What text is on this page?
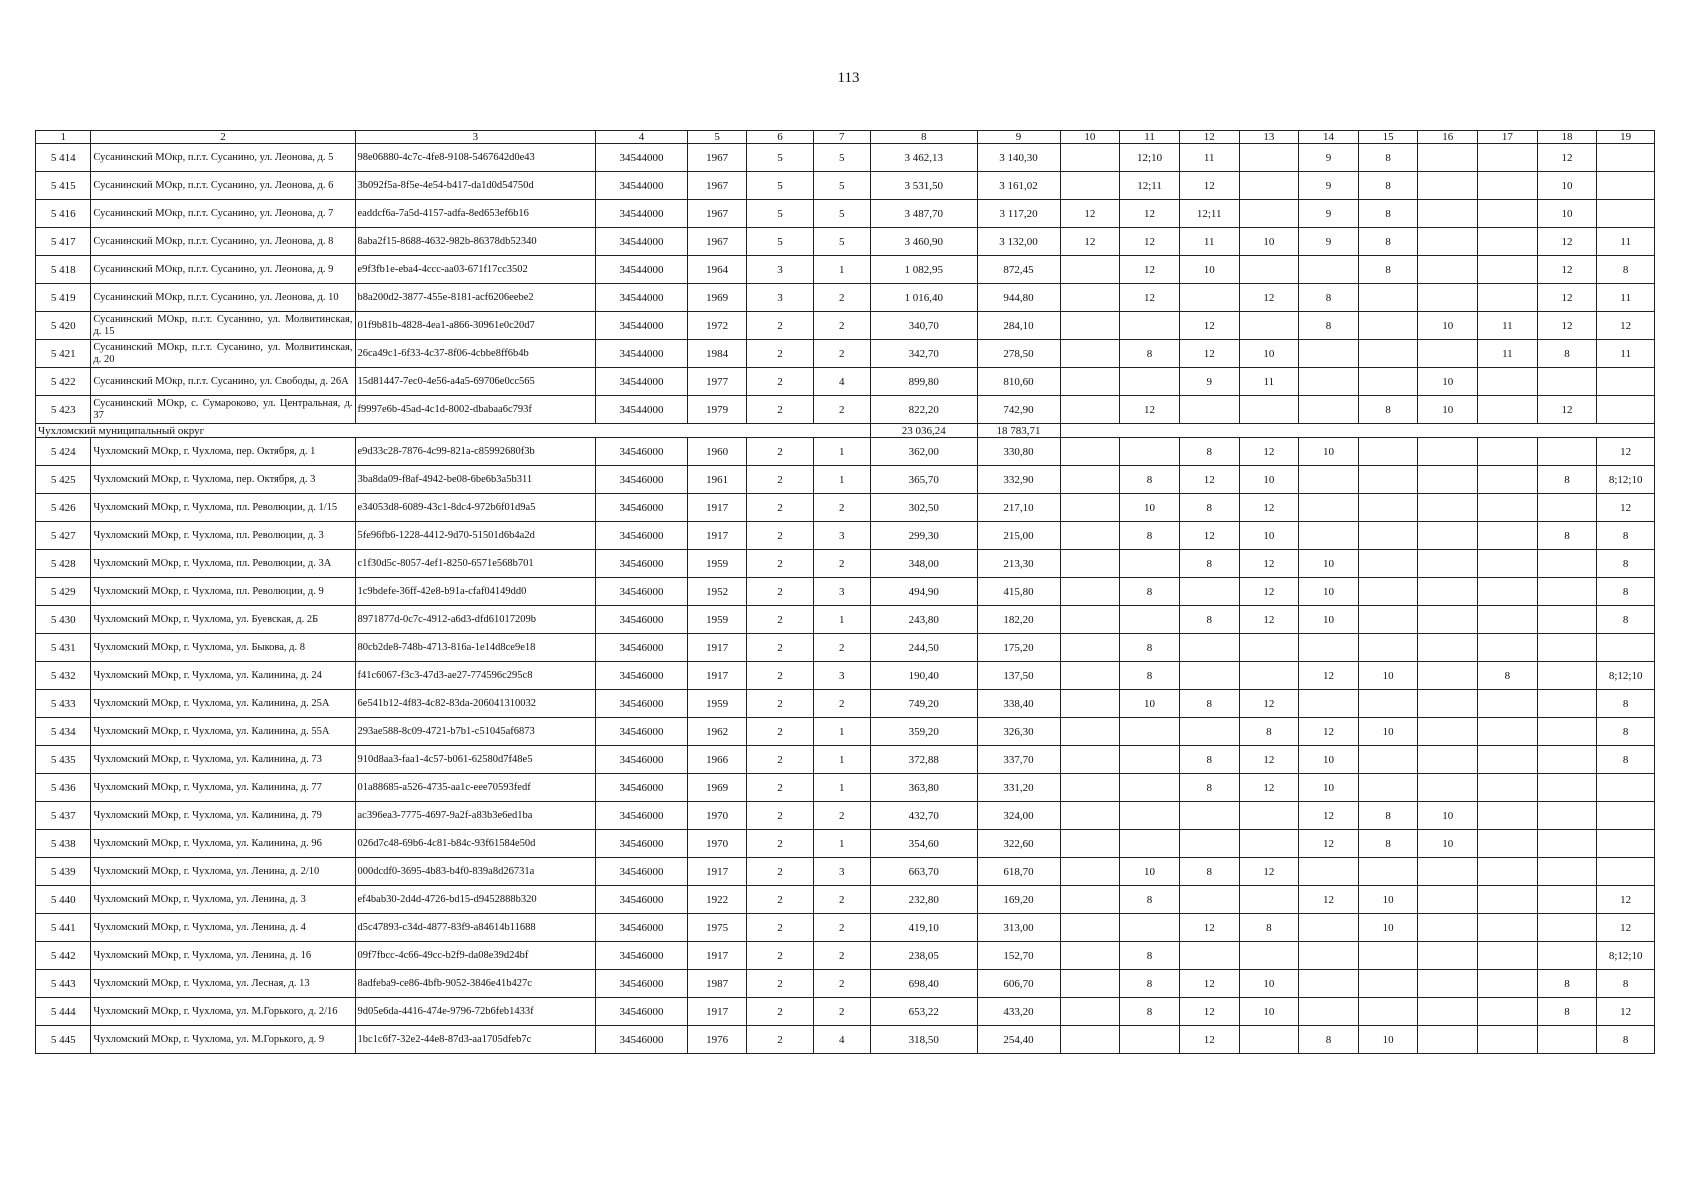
113
1	2	3	4	5	6	7	8	9	10	11	12	13	14	15	16	17	18	19
5 414	Сусанинский МОкр, п.г.т. Сусанино, ул. Леонова, д. 5	98e06880-4c7c-4fe8-9108-5467642d0e43	34544000	1967	5	5	3 462,13	3 140,30		12;10	11		9	8			12	
5 415	Сусанинский МОкр, п.г.т. Сусанино, ул. Леонова, д. 6	3b092f5a-8f5e-4e54-b417-da1d0d54750d	34544000	1967	5	5	3 531,50	3 161,02		12;11	12		9	8			10	
5 416	Сусанинский МОкр, п.г.т. Сусанино, ул. Леонова, д. 7	eaddcf6a-7a5d-4157-adfa-8ed653ef6b16	34544000	1967	5	5	3 487,70	3 117,20	12	12	12;11		9	8			10	
5 417	Сусанинский МОкр, п.г.т. Сусанино, ул. Леонова, д. 8	8aba2f15-8688-4632-982b-86378db52340	34544000	1967	5	5	3 460,90	3 132,00	12	12	11	10	9	8			12	11
5 418	Сусанинский МОкр, п.г.т. Сусанино, ул. Леонова, д. 9	e9f3fb1e-eba4-4ccc-aa03-671f17cc3502	34544000	1964	3	1	1 082,95	872,45		12	10			8			12	8
5 419	Сусанинский МОкр, п.г.т. Сусанино, ул. Леонова, д. 10	b8a200d2-3877-455e-8181-acf6206eebe2	34544000	1969	3	2	1 016,40	944,80		12		12	8				12	11
5 420	Сусанинский МОкр, п.г.т. Сусанино, ул. Молвитинская, д. 15	01f9b81b-4828-4ea1-a866-30961e0c20d7	34544000	1972	2	2	340,70	284,10			12		8		10	11	12	12
5 421	Сусанинский МОкр, п.г.т. Сусанино, ул. Молвитинская, д. 20	26ca49c1-6f33-4c37-8f06-4cbbe8ff6b4b	34544000	1984	2	2	342,70	278,50		8	12	10				11	8	11
5 422	Сусанинский МОкр, п.г.т. Сусанино, ул. Свободы, д. 26А	15d81447-7ec0-4e56-a4a5-69706e0cc565	34544000	1977	2	4	899,80	810,60			9	11			10			
5 423	Сусанинский МОкр, с. Сумароково, ул. Центральная, д. 37	f9997e6b-45ad-4c1d-8002-dbabaa6c793f	34544000	1979	2	2	822,20	742,90		12				8	10		12	
Чухломский муниципальный округ							23 036,24	18 783,71										
5 424	Чухломский МОкр, г. Чухлома, пер. Октября, д. 1	e9d33c28-7876-4c99-821a-c85992680f3b	34546000	1960	2	1	362,00	330,80			8	12	10					12
5 425	Чухломский МОкр, г. Чухлома, пер. Октября, д. 3	3ba8da09-f8af-4942-be08-6be6b3a5b311	34546000	1961	2	1	365,70	332,90		8	12	10					8	8;12;10
5 426	Чухломский МОкр, г. Чухлома, пл. Революции, д. 1/15	e34053d8-6089-43c1-8dc4-972b6f01d9a5	34546000	1917	2	2	302,50	217,10		10	8	12						12
5 427	Чухломский МОкр, г. Чухлома, пл. Революции, д. 3	5fe96fb6-1228-4412-9d70-51501d6b4a2d	34546000	1917	2	3	299,30	215,00		8	12	10					8	8
5 428	Чухломский МОкр, г. Чухлома, пл. Революции, д. 3А	c1f30d5c-8057-4ef1-8250-6571e568b701	34546000	1959	2	2	348,00	213,30			8	12	10					8
5 429	Чухломский МОкр, г. Чухлома, пл. Революции, д. 9	1c9bdefe-36ff-42e8-b91a-cfaf04149dd0	34546000	1952	2	3	494,90	415,80		8		12	10					8
5 430	Чухломский МОкр, г. Чухлома, ул. Буевская, д. 2Б	8971877d-0c7c-4912-a6d3-dfd61017209b	34546000	1959	2	1	243,80	182,20			8	12	10					8
5 431	Чухломский МОкр, г. Чухлома, ул. Быкова, д. 8	80cb2de8-748b-4713-816a-1e14d8ce9e18	34546000	1917	2	2	244,50	175,20		8								
5 432	Чухломский МОкр, г. Чухлома, ул. Калинина, д. 24	f41c6067-f3c3-47d3-ae27-774596c295c8	34546000	1917	2	3	190,40	137,50		8			12	10		8		8;12;10
5 433	Чухломский МОкр, г. Чухлома, ул. Калинина, д. 25А	6e541b12-4f83-4c82-83da-206041310032	34546000	1959	2	2	749,20	338,40		10	8	12						8
5 434	Чухломский МОкр, г. Чухлома, ул. Калинина, д. 55А	293ae588-8c09-4721-b7b1-c51045af6873	34546000	1962	2	1	359,20	326,30				8	12	10				8
5 435	Чухломский МОкр, г. Чухлома, ул. Калинина, д. 73	910d8aa3-faa1-4c57-b061-62580d7f48e5	34546000	1966	2	1	372,88	337,70			8	12	10					8
5 436	Чухломский МОкр, г. Чухлома, ул. Калинина, д. 77	01a88685-a526-4735-aa1c-eee70593fedf	34546000	1969	2	1	363,80	331,20			8	12	10					
5 437	Чухломский МОкр, г. Чухлома, ул. Калинина, д. 79	ac396ea3-7775-4697-9a2f-a83b3e6ed1ba	34546000	1970	2	2	432,70	324,00					12	8	10			
5 438	Чухломский МОкр, г. Чухлома, ул. Калинина, д. 96	026d7c48-69b6-4c81-b84c-93f61584e50d	34546000	1970	2	1	354,60	322,60					12	8	10			
5 439	Чухломский МОкр, г. Чухлома, ул. Ленина, д. 2/10	000dcdf0-3695-4b83-b4f0-839a8d26731a	34546000	1917	2	3	663,70	618,70		10	8	12						
5 440	Чухломский МОкр, г. Чухлома, ул. Ленина, д. 3	ef4bab30-2d4d-4726-bd15-d9452888b320	34546000	1922	2	2	232,80	169,20		8			12	10				12
5 441	Чухломский МОкр, г. Чухлома, ул. Ленина, д. 4	d5c47893-c34d-4877-83f9-a84614b11688	34546000	1975	2	2	419,10	313,00			12	8		10				12
5 442	Чухломский МОкр, г. Чухлома, ул. Ленина, д. 16	09f7fbcc-4c66-49cc-b2f9-da08e39d24bf	34546000	1917	2	2	238,05	152,70		8								8;12;10
5 443	Чухломский МОкр, г. Чухлома, ул. Лесная, д. 13	8adfeba9-ce86-4bfb-9052-3846e41b427c	34546000	1987	2	2	698,40	606,70		8	12	10					8	8
5 444	Чухломский МОкр, г. Чухлома, ул. М.Горького, д. 2/16	9d05e6da-4416-474e-9796-72b6feb1433f	34546000	1917	2	2	653,22	433,20		8	12	10					8	12
5 445	Чухломский МОкр, г. Чухлома, ул. М.Горького, д. 9	1bc1c6f7-32e2-44e8-87d3-aa1705dfeb7c	34546000	1976	2	4	318,50	254,40			12		8	10				8
